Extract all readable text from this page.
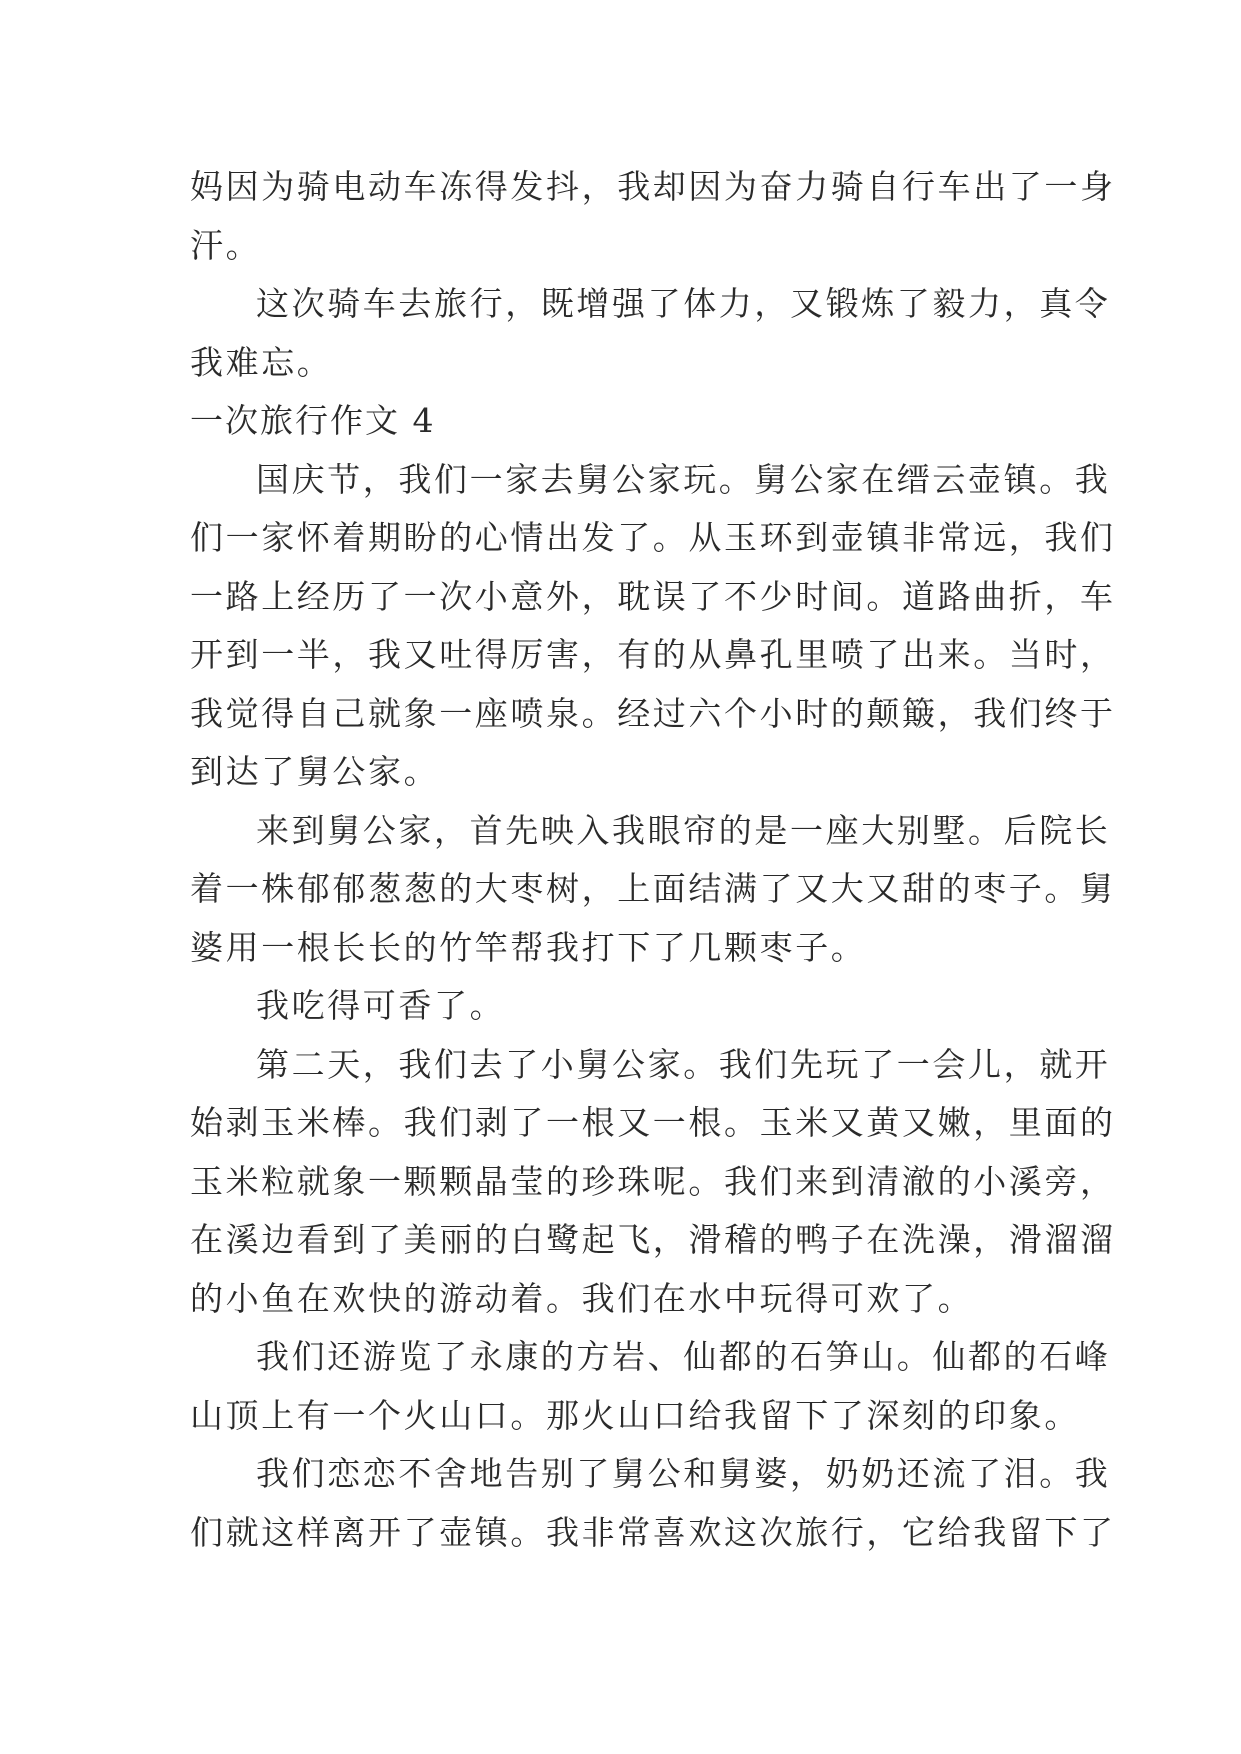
妈因为骑电动车冻得发抖，我却因为奋力骑自行车出了一身
汗。
这次骑车去旅行，既增强了体力，又锻炼了毅力，真令
我难忘。
一次旅行作文 4
国庆节，我们一家去舅公家玩。舅公家在缙云壶镇。我
们一家怀着期盼的心情出发了。从玉环到壶镇非常远，我们
一路上经历了一次小意外，耽误了不少时间。道路曲折，车
开到一半，我又吐得厉害，有的从鼻孔里喷了出来。当时，
我觉得自己就象一座喷泉。经过六个小时的颠簸，我们终于
到达了舅公家。
来到舅公家，首先映入我眼帘的是一座大别墅。后院长
着一株郁郁葱葱的大枣树，上面结满了又大又甜的枣子。舅
婆用一根长长的竹竿帮我打下了几颗枣子。
我吃得可香了。
第二天，我们去了小舅公家。我们先玩了一会儿，就开
始剥玉米棒。我们剥了一根又一根。玉米又黄又嫩，里面的
玉米粒就象一颗颗晶莹的珍珠呢。我们来到清澈的小溪旁，
在溪边看到了美丽的白鹭起飞，滑稽的鸭子在洗澡，滑溜溜
的小鱼在欢快的游动着。我们在水中玩得可欢了。
我们还游览了永康的方岩、仙都的石笋山。仙都的石峰
山顶上有一个火山口。那火山口给我留下了深刻的印象。
我们恋恋不舍地告别了舅公和舅婆，奶奶还流了泪。我
们就这样离开了壶镇。我非常喜欢这次旅行，它给我留下了
